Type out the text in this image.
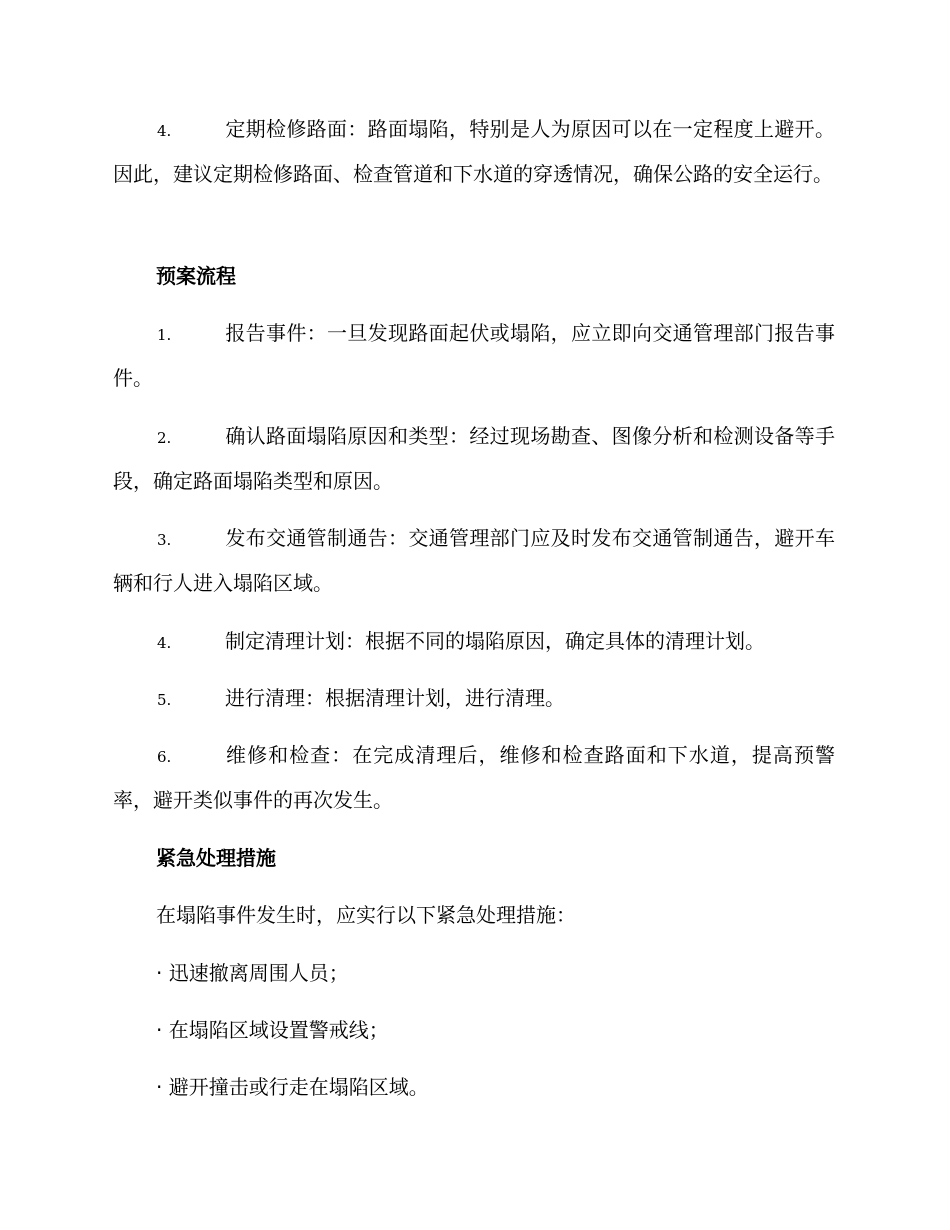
4.	定期检修路面：路面塌陷，特别是人为原因可以在一定程度上避开。因此，建议定期检修路面、检查管道和下水道的穿透情况，确保公路的安全运行。

预案流程

1.	报告事件：一旦发现路面起伏或塌陷，应立即向交通管理部门报告事件。

2.	确认路面塌陷原因和类型：经过现场勘查、图像分析和检测设备等手段，确定路面塌陷类型和原因。

3.	发布交通管制通告：交通管理部门应及时发布交通管制通告，避开车辆和行人进入塌陷区域。

4.	制定清理计划：根据不同的塌陷原因，确定具体的清理计划。

5.	进行清理：根据清理计划，进行清理。

6.	维修和检查：在完成清理后，维修和检查路面和下水道，提高预警率，避开类似事件的再次发生。

紧急处理措施

在塌陷事件发生时，应实行以下紧急处理措施：

· 迅速撤离周围人员；

· 在塌陷区域设置警戒线；

· 避开撞击或行走在塌陷区域。
